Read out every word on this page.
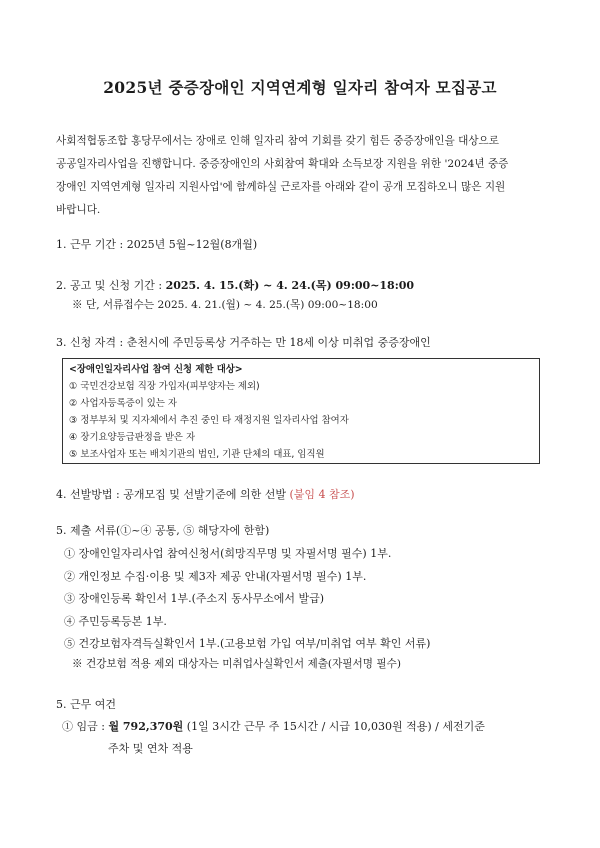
2025년 중증장애인 지역연계형 일자리 참여자 모집공고
사회적협동조합 홍당무에서는 장애로 인해 일자리 참여 기회를 갖기 힘든 중증장애인을 대상으로
공공일자리사업을 진행합니다. 중증장애인의 사회참여 확대와 소득보장 지원을 위한 '2024년 중증
장애인 지역연계형 일자리 지원사업'에 함께하실 근로자를 아래와 같이 공개 모집하오니 많은 지원
바랍니다.
1. 근무 기간 : 2025년 5월~12월(8개월)
2. 공고 및 신청 기간 : 2025. 4. 15.(화) ~ 4. 24.(목) 09:00~18:00
※ 단, 서류접수는 2025. 4. 21.(월) ~ 4. 25.(목) 09:00~18:00
3. 신청 자격 : 춘천시에 주민등록상 거주하는 만 18세 이상 미취업 중증장애인
<장애인일자리사업 참여 신청 제한 대상>
① 국민건강보험 직장 가입자(피부양자는 제외)
② 사업자등록증이 있는 자
③ 정부부처 및 지자체에서 추진 중인 타 재정지원 일자리사업 참여자
④ 장기요양등급판정을 받은 자
⑤ 보조사업자 또는 배치기관의 법인, 기관 단체의 대표, 임직원
4. 선발방법 : 공개모집 및 선발기준에 의한 선발 (붙임 4 참조)
5. 제출 서류(①~④ 공통, ⑤ 해당자에 한함)
① 장애인일자리사업 참여신청서(희망직무명 및 자필서명 필수) 1부.
② 개인정보 수집·이용 및 제3자 제공 안내(자필서명 필수) 1부.
③ 장애인등록 확인서 1부.(주소지 동사무소에서 발급)
④ 주민등록등본 1부.
⑤ 건강보험자격득실확인서 1부.(고용보험 가입 여부/미취업 여부 확인 서류)
※ 건강보험 적용 제외 대상자는 미취업사실확인서 제출(자필서명 필수)
5. 근무 여건
① 임금 : 월 792,370원 (1일 3시간 근무 주 15시간 / 시급 10,030원 적용) / 세전기준
주차 및 연차 적용
